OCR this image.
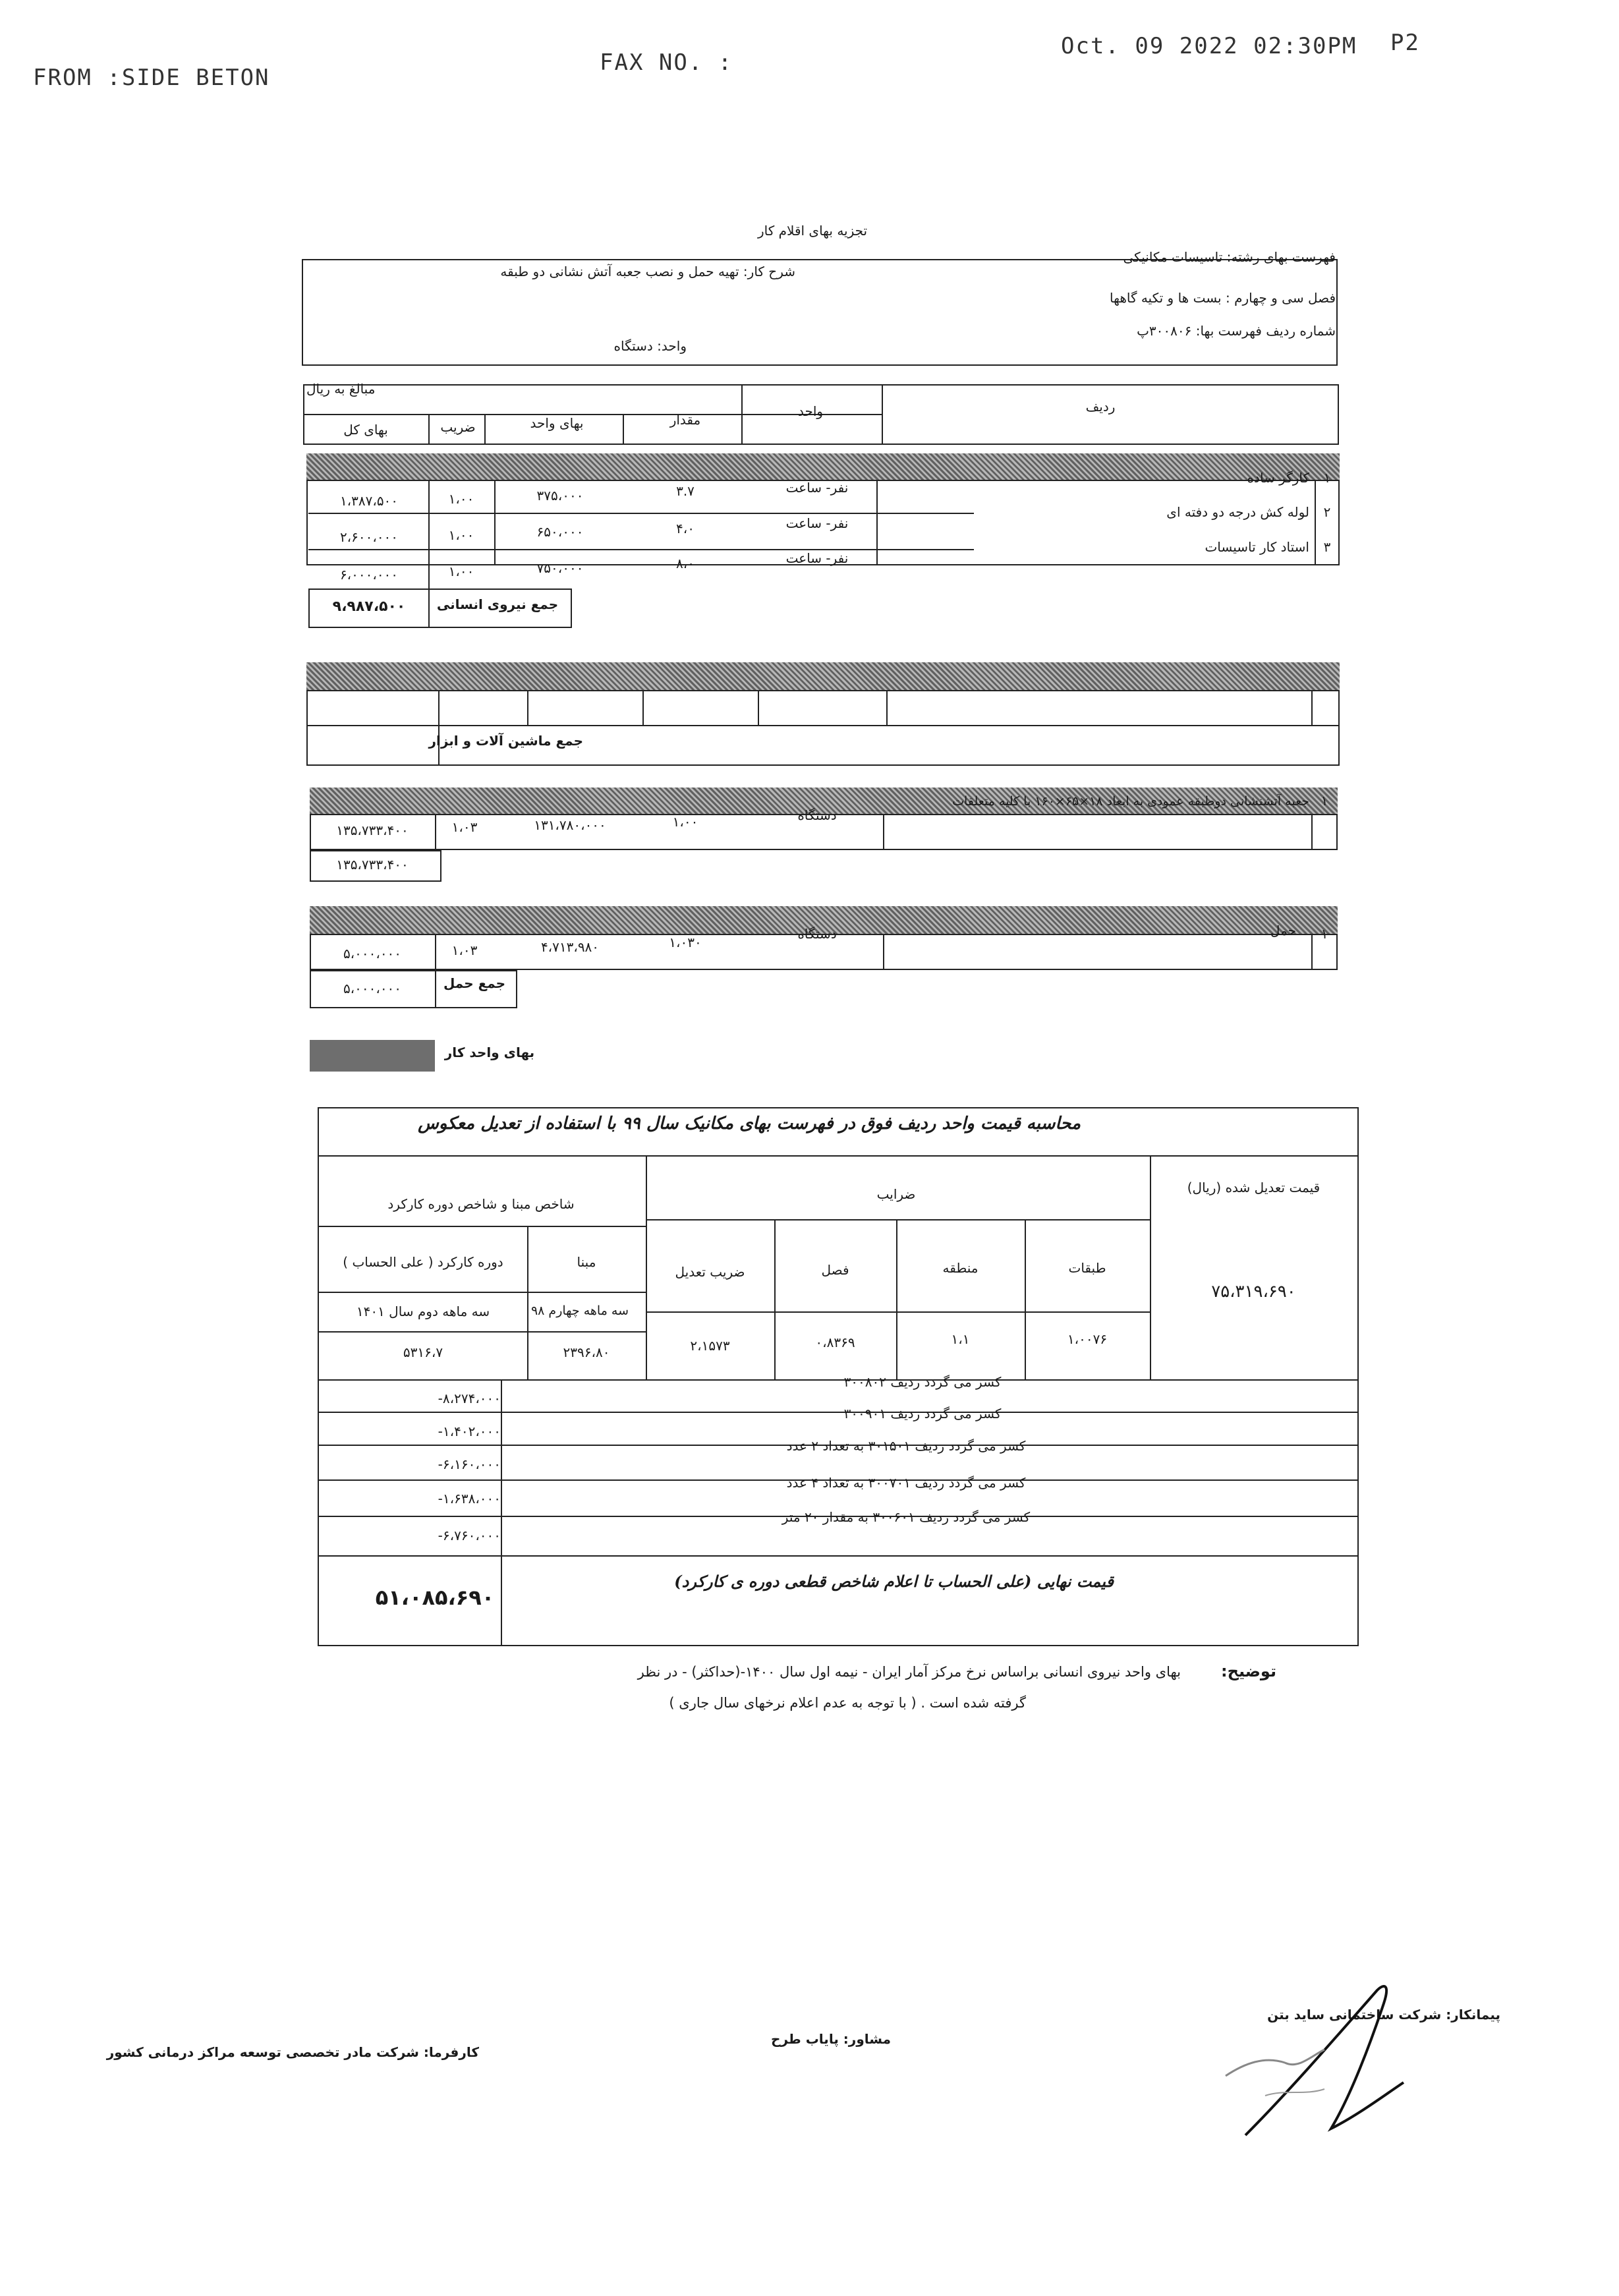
FROM :SIDE BETON
FAX NO. :
Oct. 09 2022 02:30PM P2
تجزیه بهای اقلام کار
فهرست بهای رشته: تاسیسات مکانیکی
فصل سی و چهارم : بست ها و تکیه گاهها
شماره ردیف فهرست بها: ۳۰۰۸۰۶پ
شرح کار: تهیه حمل و نصب جعبه آتش نشانی دو طبقه
واحد: دستگاه
مبالغ به ریال
ردیف
واحد
مقدار
بهای واحد
ضریب
بهای کل
۱
کارگر ساده
نفر- ساعت
۳.۷
۳۷۵،۰۰۰
۱،۰۰
۱،۳۸۷،۵۰۰
۲
لوله کش درجه دو دفته ای
نفر- ساعت
۴،۰
۶۵۰،۰۰۰
۱،۰۰
۲،۶۰۰،۰۰۰
۳
استاد کار تاسیسات
نفر- ساعت
۸،۰
۷۵۰،۰۰۰
۱،۰۰
۶،۰۰۰،۰۰۰
۹،۹۸۷،۵۰۰	جمع نیروی انسانی
جمع ماشین آلات و ابزار
۱
جعبه آتشنشانی دوطبقه عمودی به ابعاد ۱۸×۶۵×۱۶۰ با کلیه متعلقات
دستگاه
۱،۰۰
۱۳۱،۷۸۰،۰۰۰
۱،۰۳
۱۳۵،۷۳۳،۴۰۰
۱۳۵،۷۳۳،۴۰۰
۱
حمل
دستگاه
۱،۰۳۰
۴،۷۱۳،۹۸۰
۱،۰۳
۵،۰۰۰،۰۰۰
۵،۰۰۰،۰۰۰	جمع حمل
بهای واحد کار
محاسبه قیمت واحد ردیف فوق در فهرست بهای مکانیک سال ۹۹ با استفاده از تعدیل معکوس
قیمت تعدیل شده (ریال)
۷۵،۳۱۹،۶۹۰
ضرایب
طبقات
منطقه
فصل
ضریب تعدیل
۱،۰۰۷۶
۱،۱
۰،۸۳۶۹
۲،۱۵۷۳
شاخص مبنا و شاخص دوره کارکرد
مبنا
سه ماهه چهارم ۹۸
۲۳۹۶،۸۰
دوره کارکرد ( علی الحساب )
سه ماهه دوم سال ۱۴۰۱
۵۳۱۶،۷
کسر می گردد ردیف ۳۰۰۸۰۲
-۸،۲۷۴،۰۰۰
کسر می گردد ردیف ۳۰۰۹۰۱
-۱،۴۰۲،۰۰۰
کسر می گردد ردیف ۳۰۱۵۰۱ به تعداد ۲ عدد
-۶،۱۶۰،۰۰۰
کسر می گردد ردیف ۳۰۰۷۰۱ به تعداد ۴ عدد
-۱،۶۳۸،۰۰۰
کسر می گردد ردیف ۳۰۰۶۰۱ به مقدار ۲۰ متر
-۶،۷۶۰،۰۰۰
قیمت نهایی (علی الحساب تا اعلام شاخص قطعی دوره ی کارکرد)
۵۱،۰۸۵،۶۹۰
توضیح:
بهای واحد نیروی انسانی براساس نرخ مرکز آمار ایران - نیمه اول سال ۱۴۰۰-(حداکثر) - در نظر
گرفته شده است . ( با توجه به عدم اعلام نرخهای سال جاری )
پیمانکار: شرکت ساختمانی ساید بتن
مشاور: پایاب طرح
کارفرما: شرکت مادر تخصصی توسعه مراکز درمانی کشور
